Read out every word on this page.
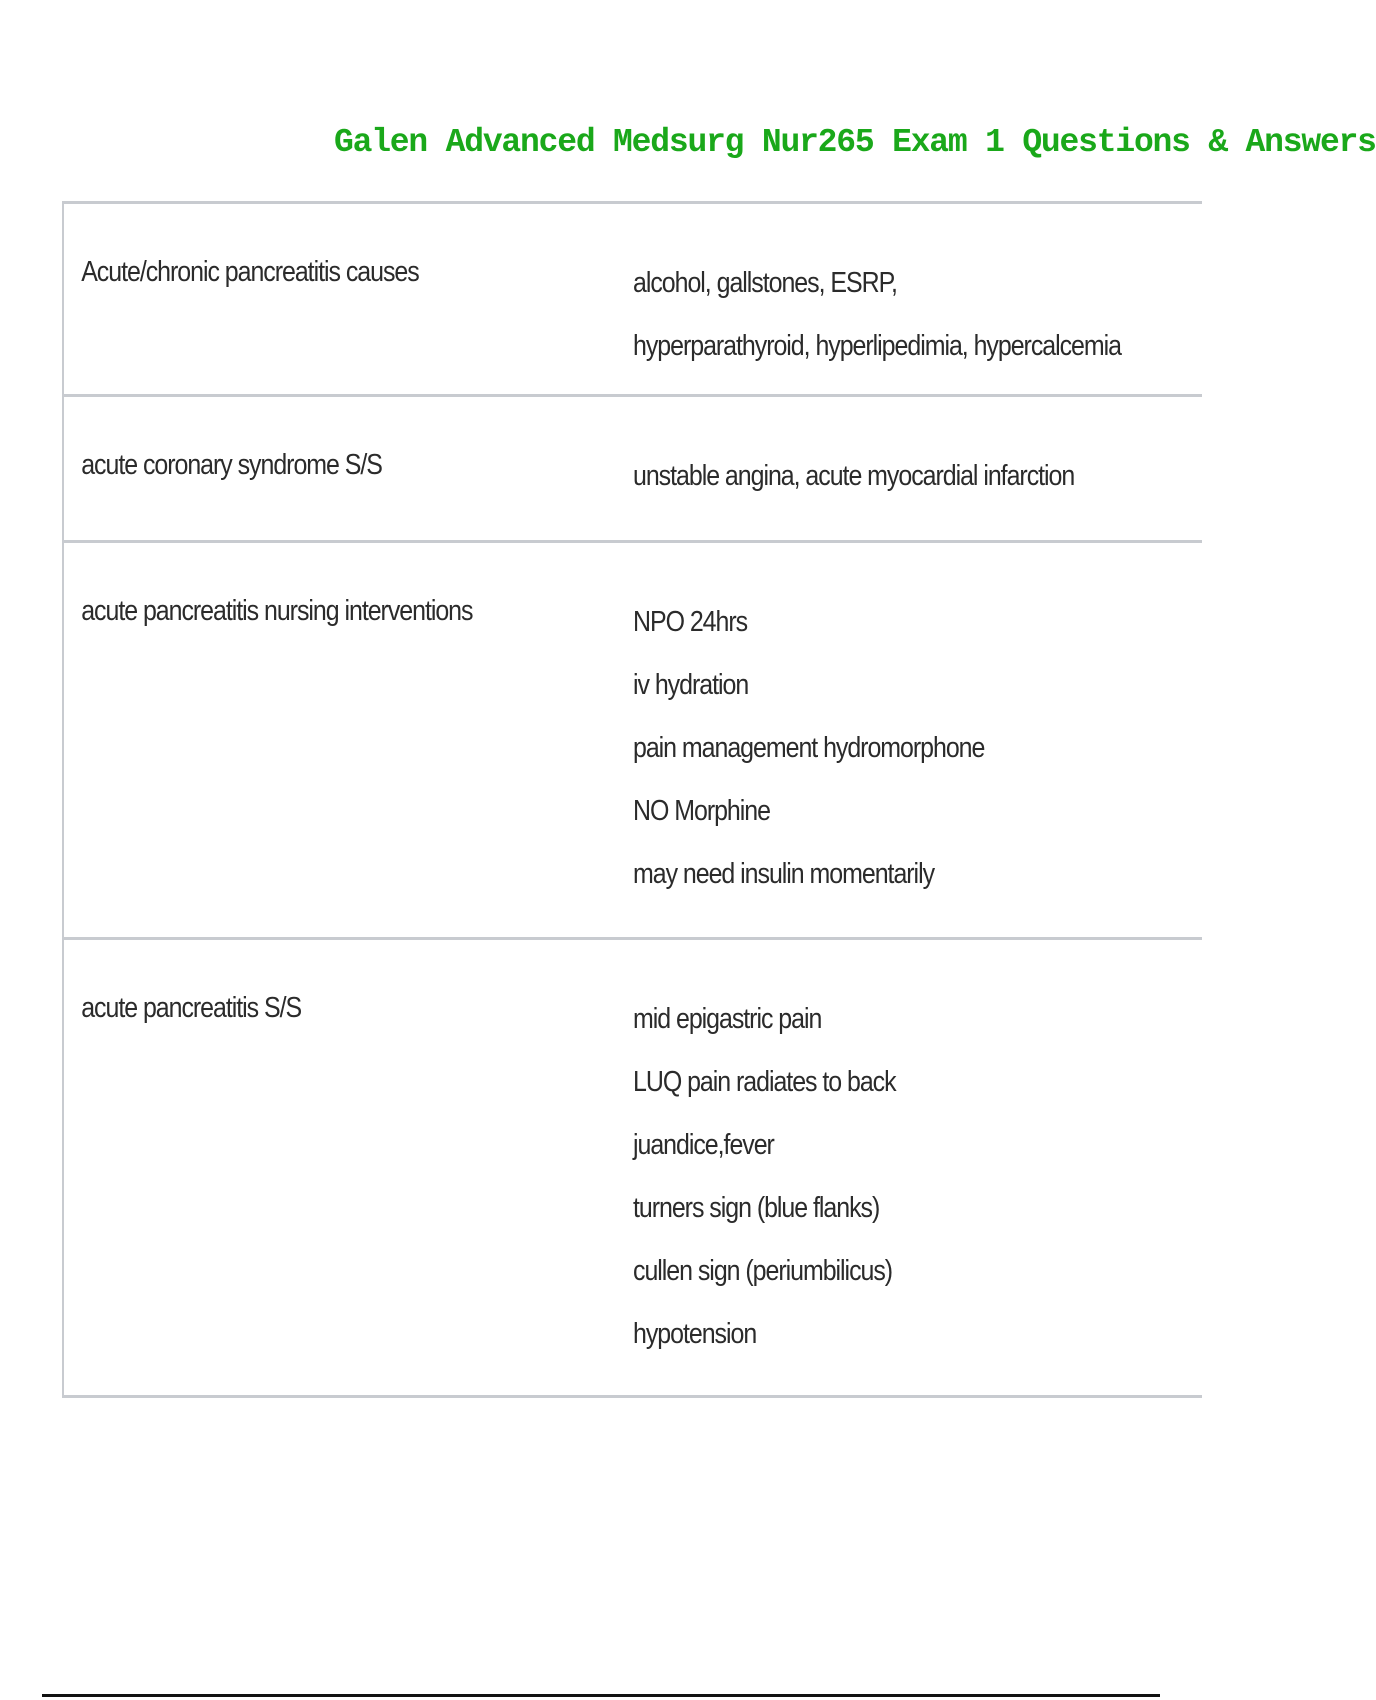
Galen Advanced Medsurg Nur265 Exam 1 Questions & Answers
Acute/chronic pancreatitis causes	alcohol, gallstones, ESRP,
hyperparathyroid, hyperlipedimia, hypercalcemia
acute coronary syndrome S/S	unstable angina, acute myocardial infarction
acute pancreatitis nursing interventions	NPO 24hrs
iv hydration
pain management hydromorphone
NO Morphine
may need insulin momentarily
acute pancreatitis S/S	mid epigastric pain
LUQ pain radiates to back
juandice,fever
turners sign (blue flanks)
cullen sign (periumbilicus)
hypotension
